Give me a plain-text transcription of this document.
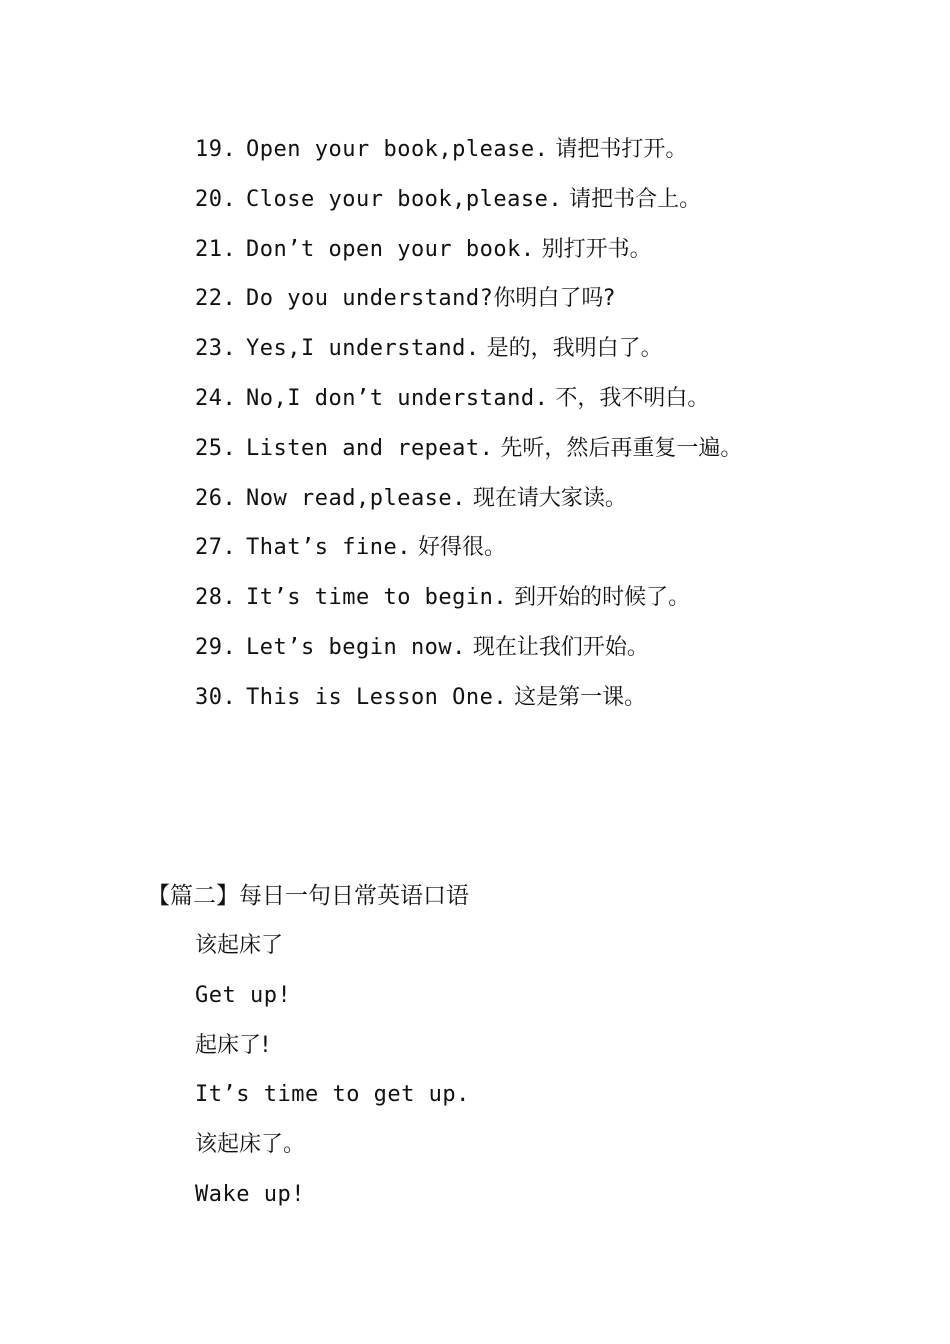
19. Open your book,please. 请把书打开。
20. Close your book,please. 请把书合上。
21. Don’t open your book. 别打开书。
22. Do you understand?你明白了吗?
23. Yes,I understand. 是的，我明白了。
24. No,I don’t understand. 不，我不明白。
25. Listen and repeat. 先听，然后再重复一遍。
26. Now read,please. 现在请大家读。
27. That’s fine. 好得很。
28. It’s time to begin. 到开始的时候了。
29. Let’s begin now. 现在让我们开始。
30. This is Lesson One. 这是第一课。
【篇二】每日一句日常英语口语
该起床了
Get up!
起床了!
It’s time to get up.
该起床了。
Wake up!
